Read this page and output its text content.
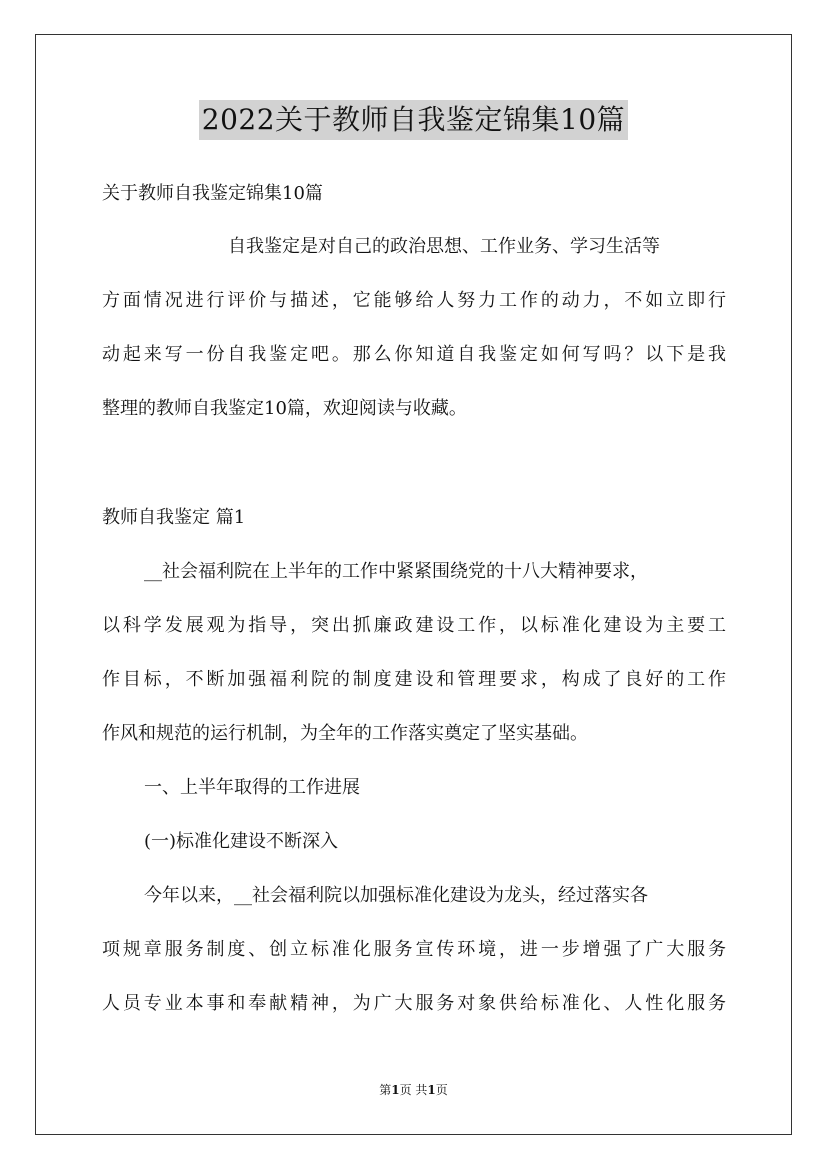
2022关于教师自我鉴定锦集10篇
关于教师自我鉴定锦集10篇
自我鉴定是对自己的政治思想、工作业务、学习生活等
方面情况进行评价与描述，它能够给人努力工作的动力，不如立即行
动起来写一份自我鉴定吧。那么你知道自我鉴定如何写吗？以下是我
整理的教师自我鉴定10篇，欢迎阅读与收藏。
教师自我鉴定 篇1
__社会福利院在上半年的工作中紧紧围绕党的十八大精神要求，
以科学发展观为指导，突出抓廉政建设工作，以标准化建设为主要工
作目标，不断加强福利院的制度建设和管理要求，构成了良好的工作
作风和规范的运行机制，为全年的工作落实奠定了坚实基础。
一、上半年取得的工作进展
(一)标准化建设不断深入
今年以来，__社会福利院以加强标准化建设为龙头，经过落实各
项规章服务制度、创立标准化服务宣传环境，进一步增强了广大服务
人员专业本事和奉献精神，为广大服务对象供给标准化、人性化服务
第1页 共1页
